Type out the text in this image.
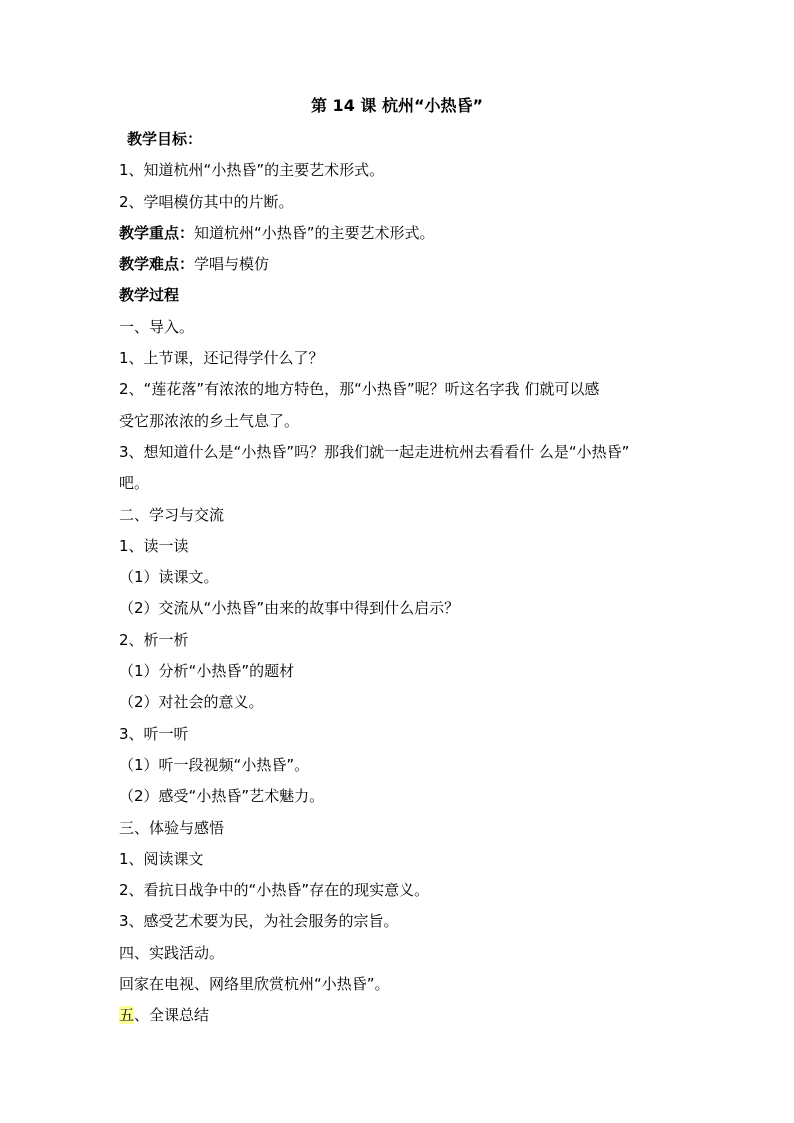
第 14 课 杭州“小热昏”
教学目标：
1、知道杭州“小热昏”的主要艺术形式。
2、学唱模仿其中的片断。
教学重点：知道杭州“小热昏”的主要艺术形式。
教学难点：学唱与模仿
教学过程
一、导入。
1、上节课，还记得学什么了？
2、“莲花落”有浓浓的地方特色，那“小热昏”呢？听这名字我 们就可以感
受它那浓浓的乡土气息了。
3、想知道什么是“小热昏”吗？那我们就一起走进杭州去看看什 么是“小热昏”
吧。
二、学习与交流
1、读一读
（1）读课文。
（2）交流从“小热昏”由来的故事中得到什么启示？
2、析一析
（1）分析“小热昏”的题材
（2）对社会的意义。
3、听一听
（1）听一段视频“小热昏”。
（2）感受“小热昏”艺术魅力。
三、体验与感悟
1、阅读课文
2、看抗日战争中的“小热昏”存在的现实意义。
3、感受艺术要为民，为社会服务的宗旨。
四、实践活动。
回家在电视、网络里欣赏杭州“小热昏”。
五、全课总结
